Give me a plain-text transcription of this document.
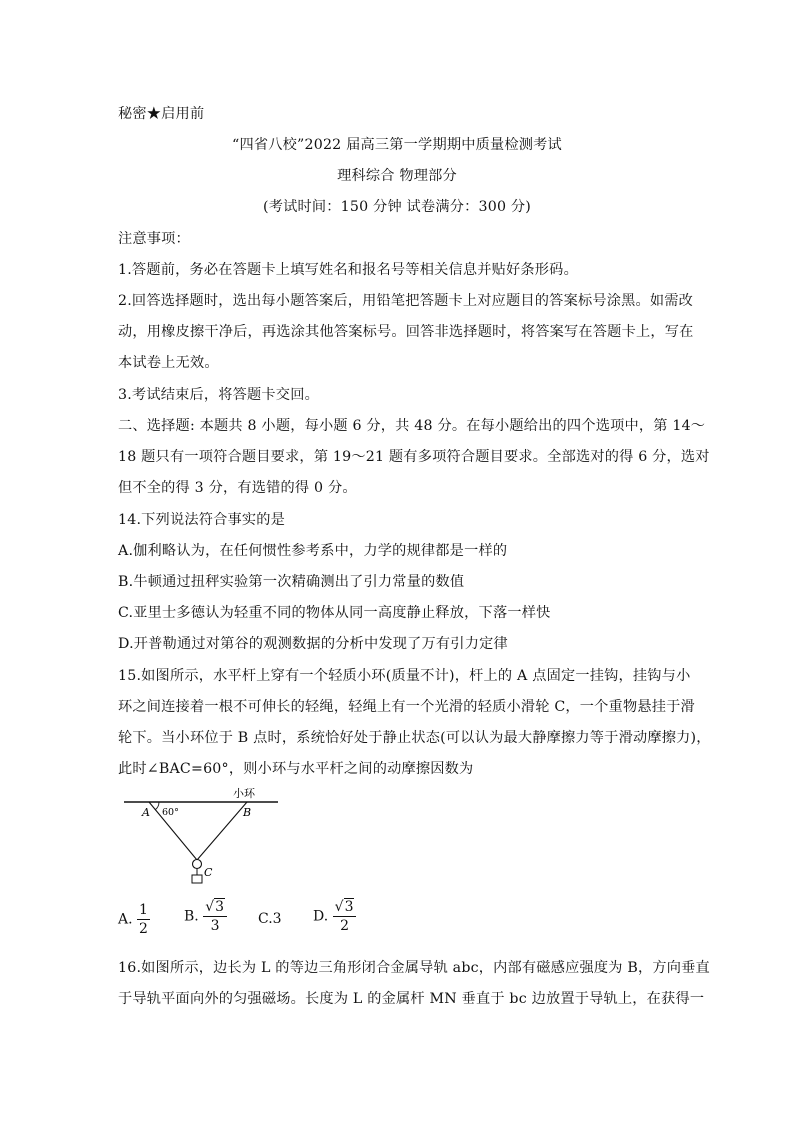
秘密★启用前
“四省八校”2022 届高三第一学期期中质量检测考试
理科综合 物理部分
(考试时间：150 分钟 试卷满分：300 分)
注意事项：
1.答题前，务必在答题卡上填写姓名和报名号等相关信息并贴好条形码。
2.回答选择题时，选出每小题答案后，用铅笔把答题卡上对应题目的答案标号涂黑。如需改
动，用橡皮擦干净后，再选涂其他答案标号。回答非选择题时，将答案写在答题卡上，写在
本试卷上无效。
3.考试结束后，将答题卡交回。
二、选择题: 本题共 8 小题，每小题 6 分，共 48 分。在每小题给出的四个选项中，第 14～
18 题只有一项符合题目要求，第 19～21 题有多项符合题目要求。全部选对的得 6 分，选对
但不全的得 3 分，有选错的得 0 分。
14.下列说法符合事实的是
A.伽利略认为，在任何惯性参考系中，力学的规律都是一样的
B.牛顿通过扭秤实验第一次精确测出了引力常量的数值
C.亚里士多德认为轻重不同的物体从同一高度静止释放，下落一样快
D.开普勒通过对第谷的观测数据的分析中发现了万有引力定律
15.如图所示，水平杆上穿有一个轻质小环(质量不计)，杆上的 A 点固定一挂钩，挂钩与小
环之间连接着一根不可伸长的轻绳，轻绳上有一个光滑的轻质小滑轮 C，一个重物悬挂于滑
轮下。当小环位于 B 点时，系统恰好处于静止状态(可以认为最大静摩擦力等于滑动摩擦力)，
此时∠BAC=60°，则小环与水平杆之间的动摩擦因数为
小环
A	B
C
60°
A. $\frac{1}{2} B$. $\frac{√3}{3} C.3$ D. $\frac{√3}{2}$
16.如图所示，边长为 L 的等边三角形闭合金属导轨 abc，内部有磁感应强度为 B，方向垂直
于导轨平面向外的匀强磁场。长度为 L 的金属杆 MN 垂直于 bc 边放置于导轨上，在获得一
